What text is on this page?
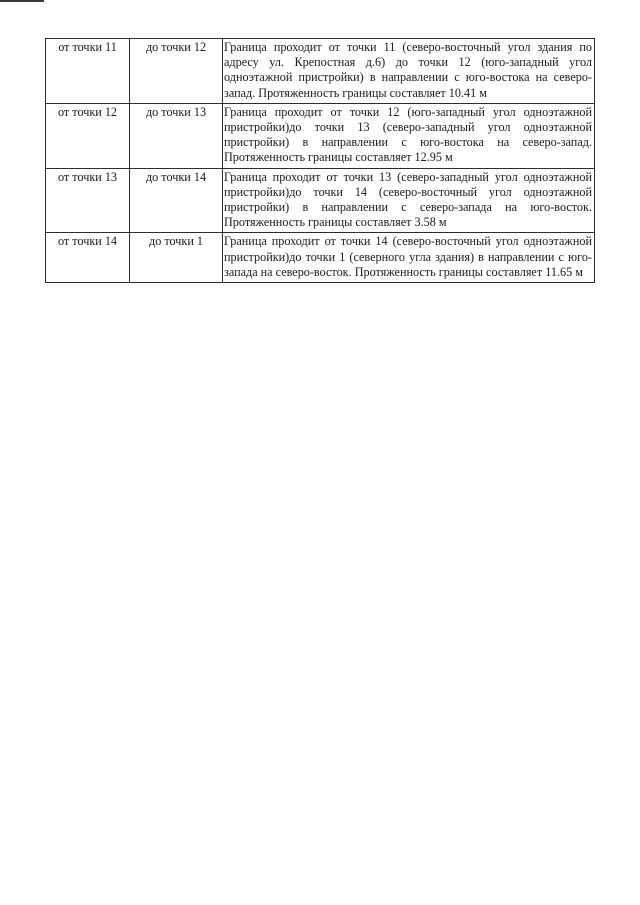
от точки 11	до точки 12	Граница проходит от точки 11 (северо-восточный угол здания по адресу ул. Крепостная д.6) до точки 12 (юго-западный угол одноэтажной пристройки) в направлении с юго-востока на северо-запад. Протяженность границы составляет 10.41 м
от точки 12	до точки 13	Граница проходит от точки 12 (юго-западный угол одноэтажной пристройки)до точки 13 (северо-западный угол одноэтажной пристройки) в направлении с юго-востока на северо-запад. Протяженность границы составляет 12.95 м
от точки 13	до точки 14	Граница проходит от точки 13 (северо-западный угол одноэтажной пристройки)до точки 14 (северо-восточный угол одноэтажной пристройки) в направлении с северо-запада на юго-восток. Протяженность границы составляет 3.58 м
от точки 14	до точки 1	Граница проходит от точки 14 (северо-восточный угол одноэтажной пристройки)до точки 1 (северного угла здания) в направлении с юго-запада на северо-восток. Протяженность границы составляет 11.65 м
